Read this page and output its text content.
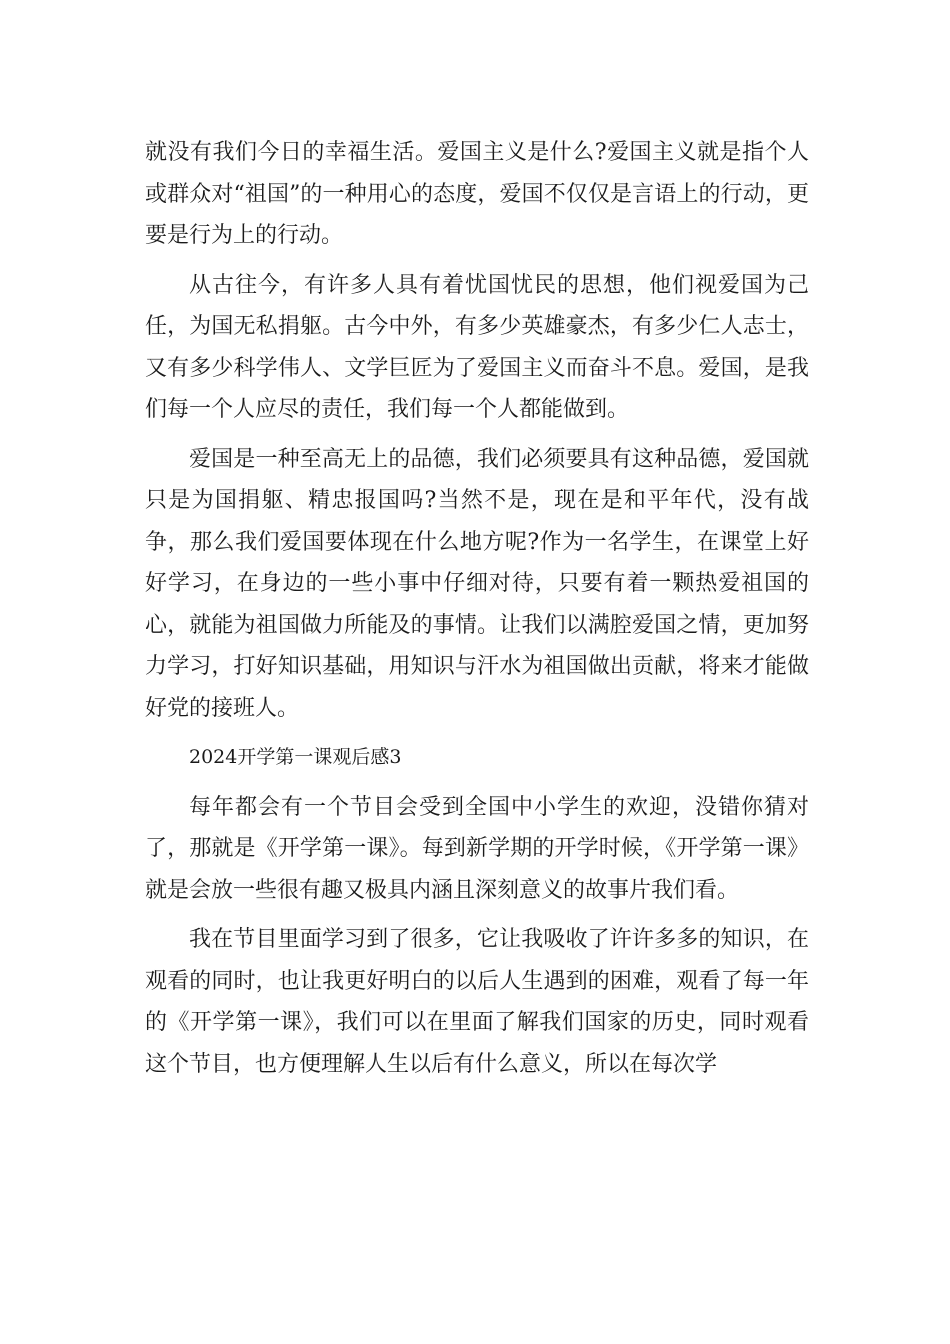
就没有我们今日的幸福生活。爱国主义是什么?爱国主义就是指个人或群众对“祖国”的一种用心的态度，爱国不仅仅是言语上的行动，更要是行为上的行动。

从古往今，有许多人具有着忧国忧民的思想，他们视爱国为己任，为国无私捐躯。古今中外，有多少英雄豪杰，有多少仁人志士，又有多少科学伟人、文学巨匠为了爱国主义而奋斗不息。爱国，是我们每一个人应尽的责任，我们每一个人都能做到。

爱国是一种至高无上的品德，我们必须要具有这种品德，爱国就只是为国捐躯、精忠报国吗?当然不是，现在是和平年代，没有战争，那么我们爱国要体现在什么地方呢?作为一名学生，在课堂上好好学习，在身边的一些小事中仔细对待，只要有着一颗热爱祖国的心，就能为祖国做力所能及的事情。让我们以满腔爱国之情，更加努力学习，打好知识基础，用知识与汗水为祖国做出贡献，将来才能做好党的接班人。

2024开学第一课观后感3

每年都会有一个节目会受到全国中小学生的欢迎，没错你猜对了，那就是《开学第一课》。每到新学期的开学时候，《开学第一课》就是会放一些很有趣又极具内涵且深刻意义的故事片我们看。

我在节目里面学习到了很多，它让我吸收了许许多多的知识，在观看的同时，也让我更好明白的以后人生遇到的困难，观看了每一年的《开学第一课》，我们可以在里面了解我们国家的历史，同时观看这个节目，也方便理解人生以后有什么意义，所以在每次学
